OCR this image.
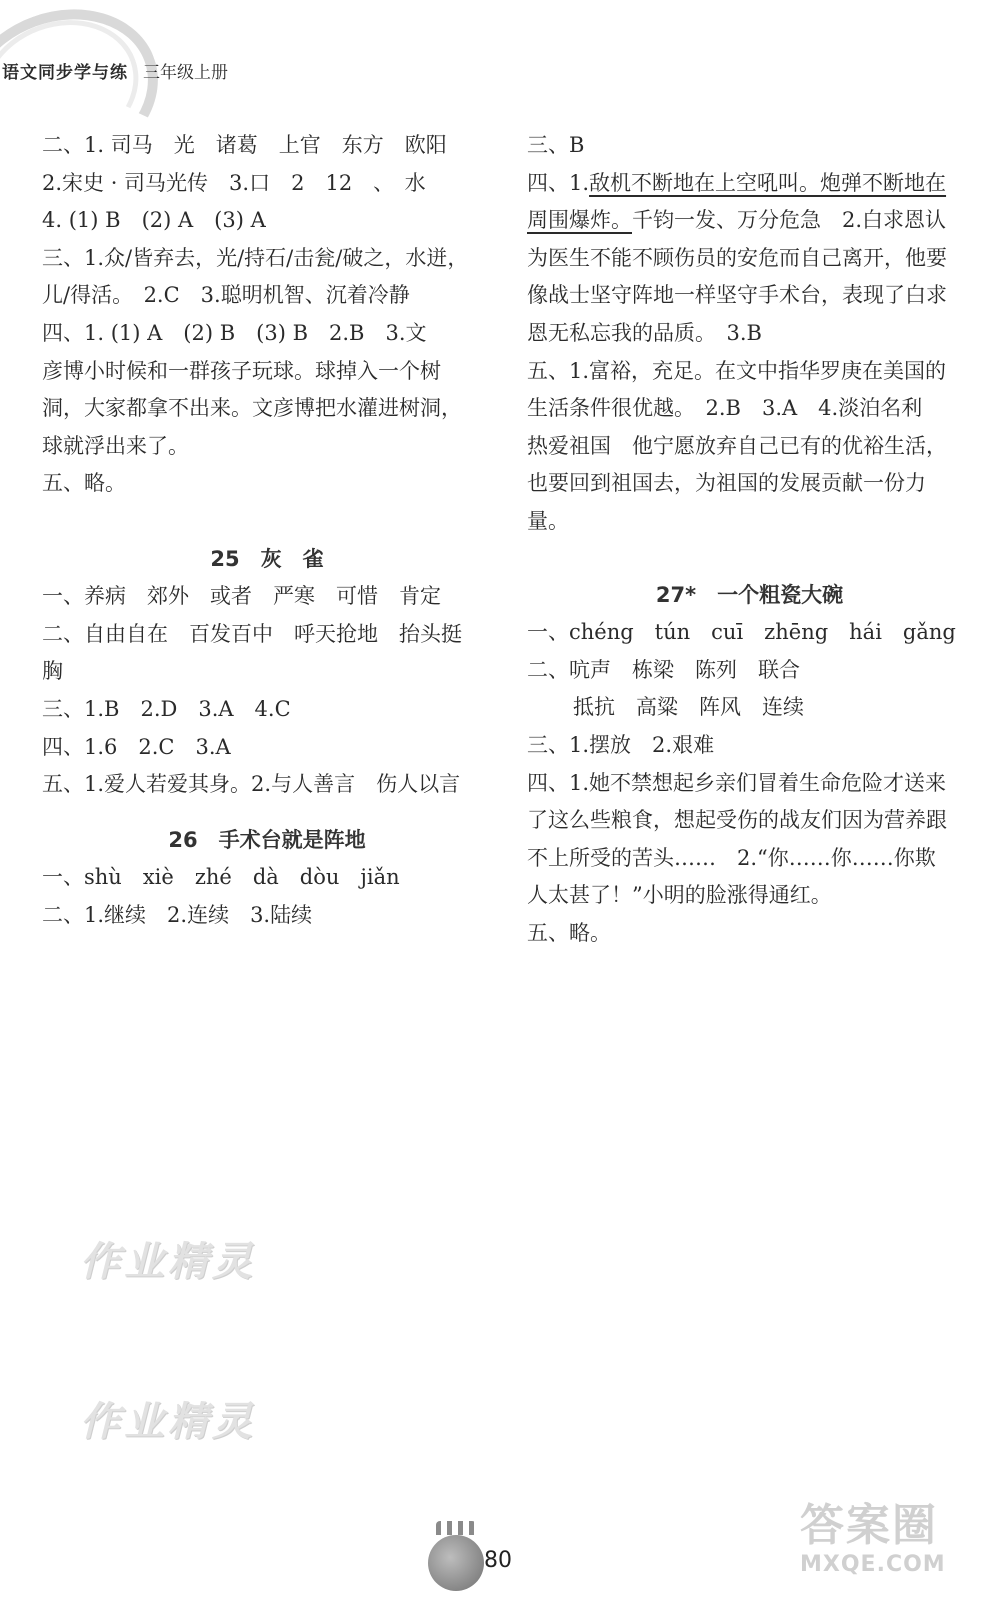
语文同步学与练 三年级上册
二、1. 司马　光　诸葛　上官　东方　欧阳
2.宋史 · 司马光传　3.口　2　12　、　水
4. (1) B　(2) A　(3) A
三、1.众/皆弃去，光/持石/击瓮/破之，水迸，
儿/得活。　2.C　3.聪明机智、沉着冷静
四、1. (1) A　(2) B　(3) B　2.B　3.文
彦博小时候和一群孩子玩球。球掉入一个树
洞，大家都拿不出来。文彦博把水灌进树洞，
球就浮出来了。
五、略。
25　灰　雀
一、养病　郊外　或者　严寒　可惜　肯定
二、自由自在　百发百中　呼天抢地　抬头挺
胸
三、1.B　2.D　3.A　4.C
四、1.6　2.C　3.A
五、1.爱人若爱其身。2.与人善言　伤人以言
26　手术台就是阵地
一、shù　xiè　zhé　dà　dòu　jiǎn
二、1.继续　2.连续　3.陆续
三、B
四、1.敌机不断地在上空吼叫。炮弹不断地在
周围爆炸。千钧一发、万分危急　2.白求恩认
为医生不能不顾伤员的安危而自己离开，他要
像战士坚守阵地一样坚守手术台，表现了白求
恩无私忘我的品质。　3.B
五、1.富裕，充足。在文中指华罗庚在美国的
生活条件很优越。　2.B　3.A　4.淡泊名利
热爱祖国　他宁愿放弃自己已有的优裕生活，
也要回到祖国去，为祖国的发展贡献一份力
量。
27*　一个粗瓷大碗
一、chéng　tún　cuī　zhēng　hái　gǎng
二、吭声　栋梁　陈列　联合
抵抗　高粱　阵风　连续
三、1.摆放　2.艰难
四、1.她不禁想起乡亲们冒着生命危险才送来
了这么些粮食，想起受伤的战友们因为营养跟
不上所受的苦头……　2.“你……你……你欺
人太甚了！”小明的脸涨得通红。
五、略。
作业精灵
作业精灵
80
答案圈
MXQE.COM
